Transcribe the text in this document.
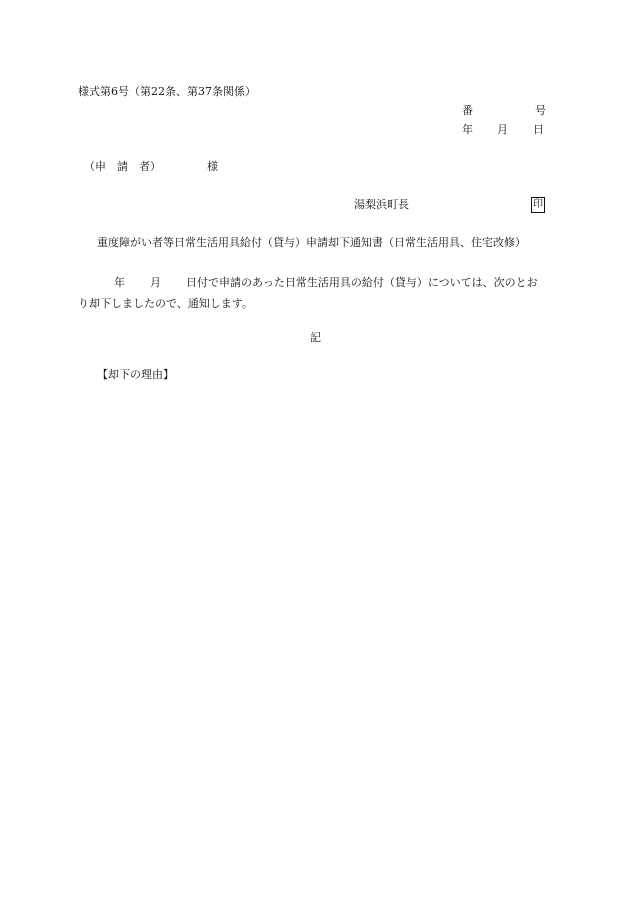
様式第6号（第22条、第37条関係）
番	号
年 月 日
（申　請　者）	様
湯梨浜町長	印
重度障がい者等日常生活用具給付（貸与）申請却下通知書（日常生活用具、住宅改修）
年 月 日付で申請のあった日常生活用具の給付（貸与）については、次のとお
り却下しましたので、通知します。
記
【却下の理由】
